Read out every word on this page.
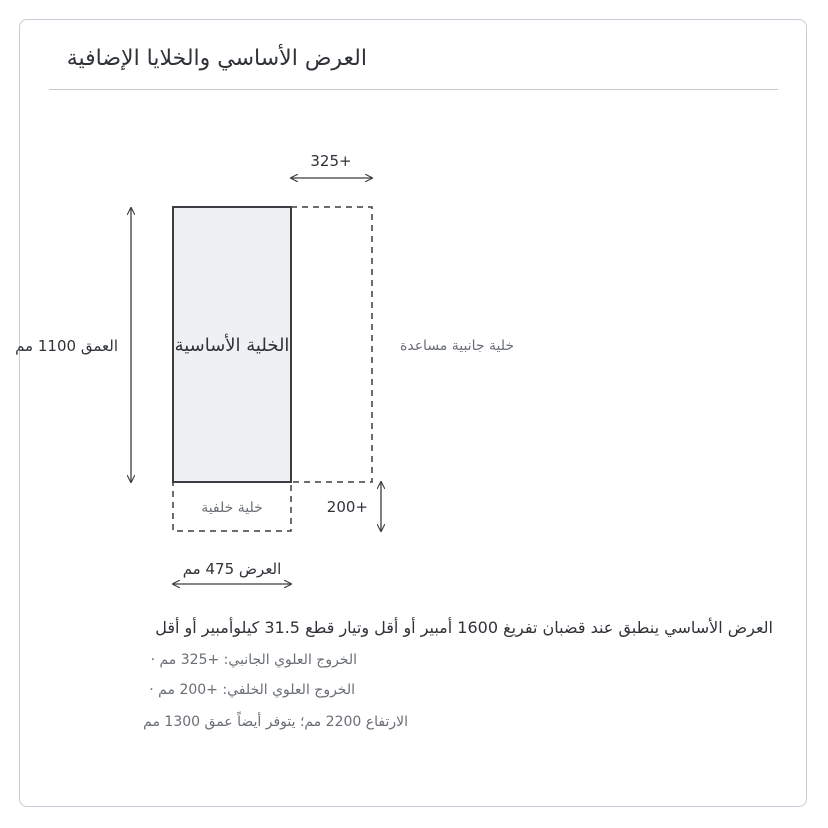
العرض الأساسي والخلايا الإضافية
الخلية الأساسية	خلية جانبية مساعدة
خلية خلفية
العمق 1100 مم
العرض 475 مم
+325
+200
العرض الأساسي ينطبق عند قضبان تفريغ 1600 أمبير أو أقل وتيار قطع 31.5 كيلوأمبير أو أقل
الخروج العلوي الجانبي: +325 مم ·
الخروج العلوي الخلفي: +200 مم ·
الارتفاع 2200 مم؛ يتوفر أيضاً عمق 1300 مم
